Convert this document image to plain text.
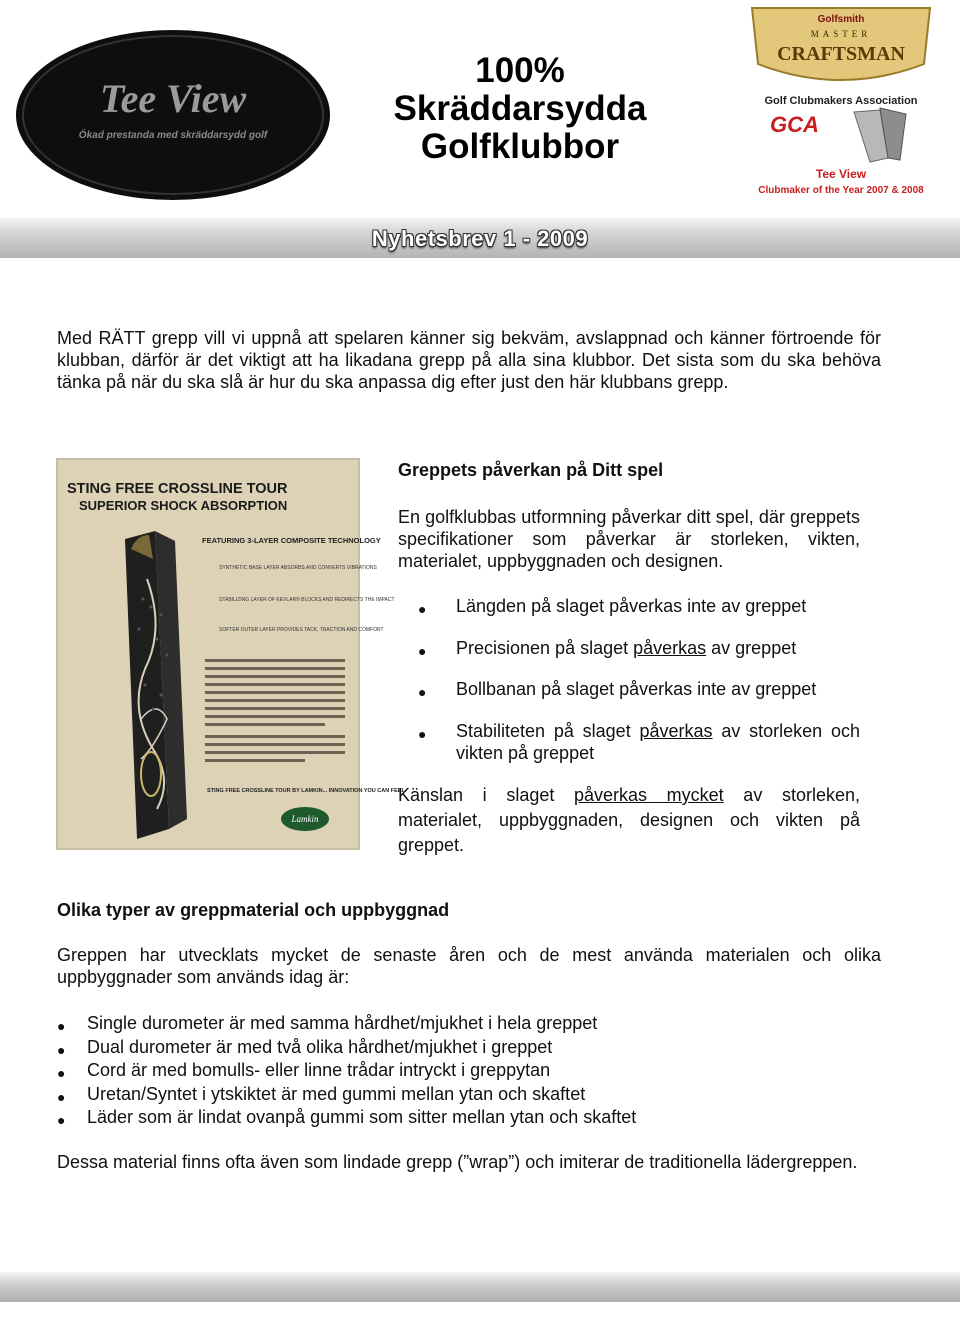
Tee View
Ökad prestanda med skräddarsydd golf
100%
Skräddarsydda
Golfklubbor
Golfsmith
MASTER
CRAFTSMAN
Golf Clubmakers Association
GCA
Tee View
Clubmaker of the Year 2007 & 2008
Nyhetsbrev 1 - 2009
Med RÄTT grepp vill vi uppnå att spelaren känner sig bekväm, avslappnad och känner förtroende för klubban, därför är det viktigt att ha likadana grepp på alla sina klubbor. Det sista som du ska behöva tänka på när du ska slå är hur du ska anpassa dig efter just den här klubbans grepp.
STING FREE CROSSLINE TOUR
SUPERIOR SHOCK ABSORPTION
FEATURING 3-LAYER COMPOSITE TECHNOLOGY
SYNTHETIC BASE LAYER ABSORBS AND CONVERTS VIBRATIONS
STABILIZING LAYER OF KEVLAR® BLOCKS AND REDIRECTS THE IMPACT
SOFTER OUTER LAYER PROVIDES TACK, TRACTION AND COMFORT
STING FREE CROSSLINE TOUR BY LAMKIN... INNOVATION YOU CAN FEEL.
Lamkin
Greppets påverkan på Ditt spel
En golfklubbas utformning påverkar ditt spel, där greppets specifikationer som påverkar är storleken, vikten, materialet, uppbyggnaden och designen.
● Längden på slaget påverkas inte av greppet
● Precisionen på slaget påverkas av greppet
● Bollbanan på slaget påverkas inte av greppet
● Stabiliteten på slaget påverkas av storleken och vikten på greppet
Känslan i slaget påverkas mycket av storleken, materialet, uppbyggnaden, designen och vikten på greppet.
Olika typer av greppmaterial och uppbyggnad
Greppen har utvecklats mycket de senaste åren och de mest använda materialen och olika uppbyggnader som används idag är:
● Single durometer är med samma hårdhet/mjukhet i hela greppet
● Dual durometer är med två olika hårdhet/mjukhet i greppet
● Cord är med bomulls- eller linne trådar intryckt i greppytan
● Uretan/Syntet i ytskiktet är med gummi mellan ytan och skaftet
● Läder som är lindat ovanpå gummi som sitter mellan ytan och skaftet
Dessa material finns ofta även som lindade grepp (”wrap”) och imiterar de traditionella lädergreppen.
